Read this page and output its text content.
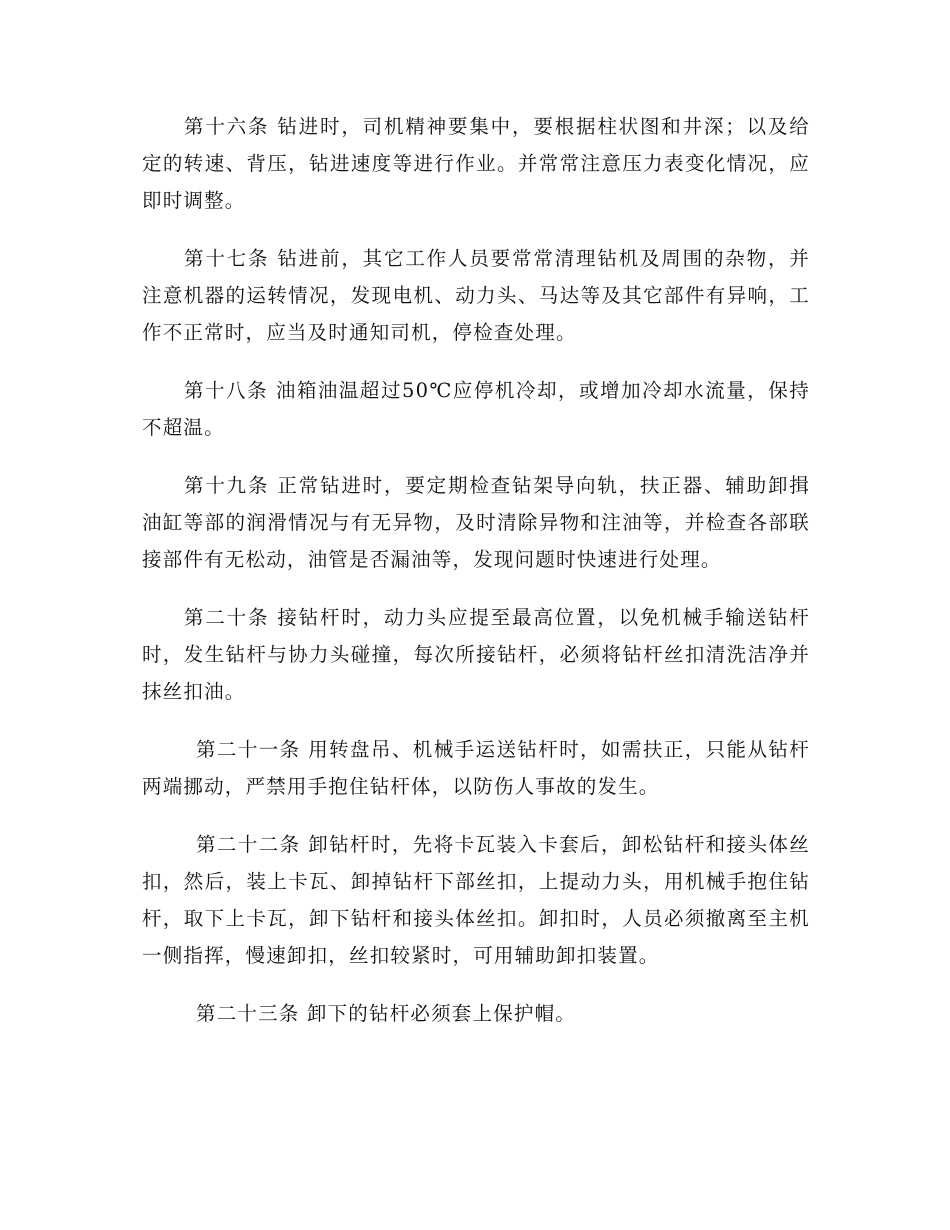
第十六条 钻进时，司机精神要集中，要根据柱状图和井深；以及给定的转速、背压，钻进速度等进行作业。并常常注意压力表变化情况，应即时调整。

第十七条 钻进前，其它工作人员要常常清理钻机及周围的杂物，并注意机器的运转情况，发现电机、动力头、马达等及其它部件有异响，工作不正常时，应当及时通知司机，停检查处理。

第十八条 油箱油温超过50℃应停机冷却，或增加冷却水流量，保持不超温。

第十九条 正常钻进时，要定期检查钻架导向轨，扶正器、辅助卸揖油缸等部的润滑情况与有无异物，及时清除异物和注油等，并检查各部联接部件有无松动，油管是否漏油等，发现问题时快速进行处理。

第二十条 接钻杆时，动力头应提至最高位置，以免机械手输送钻杆时，发生钻杆与协力头碰撞，每次所接钻杆，必须将钻杆丝扣清洗洁净并抹丝扣油。

第二十一条 用转盘吊、机械手运送钻杆时，如需扶正，只能从钻杆两端挪动，严禁用手抱住钻杆体，以防伤人事故的发生。

第二十二条 卸钻杆时，先将卡瓦装入卡套后，卸松钻杆和接头体丝扣，然后，装上卡瓦、卸掉钻杆下部丝扣，上提动力头，用机械手抱住钻杆，取下上卡瓦，卸下钻杆和接头体丝扣。卸扣时，人员必须撤离至主机一侧指挥，慢速卸扣，丝扣较紧时，可用辅助卸扣装置。

第二十三条 卸下的钻杆必须套上保护帽。
